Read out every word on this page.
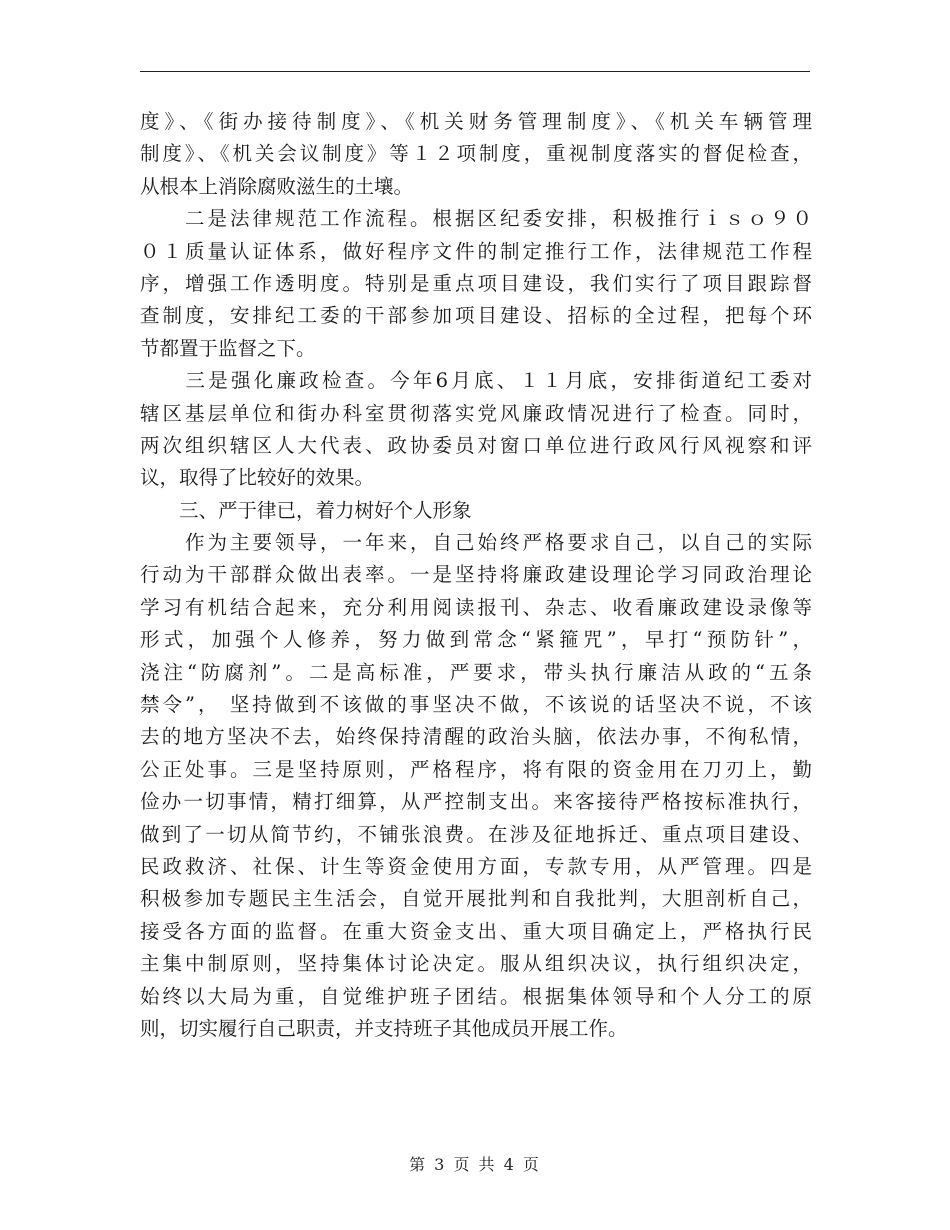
度》、《街办接待制度》、《机关财务管理制度》、《机关车辆管理
制度》、《机关会议制度》等１２项制度，重视制度落实的督促检查，
从根本上消除腐败滋生的土壤。
　　二是法律规范工作流程。根据区纪委安排，积极推行ｉｓｏ９０
０１质量认证体系，做好程序文件的制定推行工作，法律规范工作程
序，增强工作透明度。特别是重点项目建设，我们实行了项目跟踪督
查制度，安排纪工委的干部参加项目建设、招标的全过程，把每个环
节都置于监督之下。
　　三是强化廉政检查。今年6月底、１１月底，安排街道纪工委对
辖区基层单位和街办科室贯彻落实党风廉政情况进行了检查。同时，
两次组织辖区人大代表、政协委员对窗口单位进行政风行风视察和评
议，取得了比较好的效果。
　　三、严于律已，着力树好个人形象
　　作为主要领导，一年来，自己始终严格要求自己，以自己的实际
行动为干部群众做出表率。一是坚持将廉政建设理论学习同政治理论
学习有机结合起来，充分利用阅读报刊、杂志、收看廉政建设录像等
形式，加强个人修养，努力做到常念“紧箍咒”，早打“预防针”，
浇注“防腐剂”。二是高标准，严要求，带头执行廉洁从政的“五条
禁令”， 坚持做到不该做的事坚决不做，不该说的话坚决不说，不该
去的地方坚决不去，始终保持清醒的政治头脑，依法办事，不徇私情，
公正处事。三是坚持原则，严格程序，将有限的资金用在刀刃上，勤
俭办一切事情，精打细算，从严控制支出。来客接待严格按标准执行，
做到了一切从简节约，不铺张浪费。在涉及征地拆迁、重点项目建设、
民政救济、社保、计生等资金使用方面，专款专用，从严管理。四是
积极参加专题民主生活会，自觉开展批判和自我批判，大胆剖析自己，
接受各方面的监督。在重大资金支出、重大项目确定上，严格执行民
主集中制原则，坚持集体讨论决定。服从组织决议，执行组织决定，
始终以大局为重，自觉维护班子团结。根据集体领导和个人分工的原
则，切实履行自己职责，并支持班子其他成员开展工作。
第 3 页 共 4 页
